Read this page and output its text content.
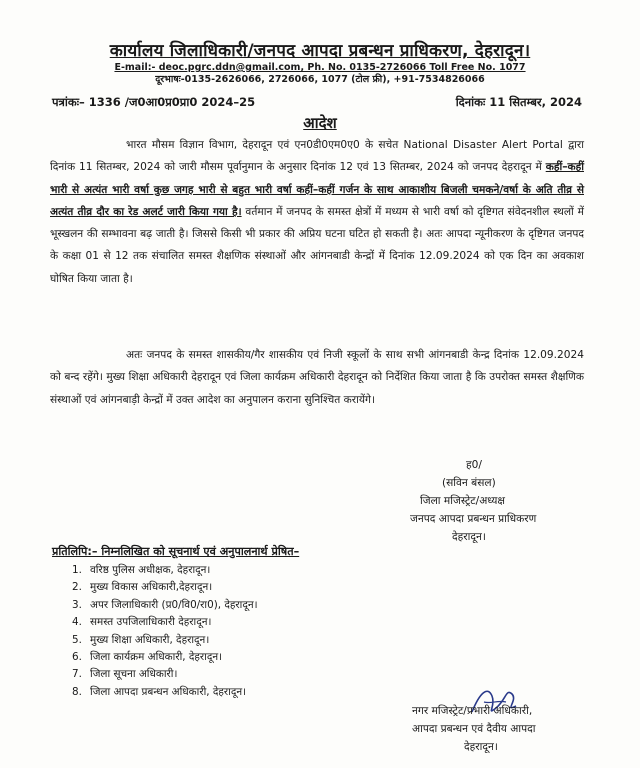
कार्यालय जिलाधिकारी/जनपद आपदा प्रबन्धन प्राधिकरण, देहरादून।
E-mail:- deoc.pgrc.ddn@gmail.com, Ph. No. 0135-2726066 Toll Free No. 1077
दूरभाषः-0135-2626066, 2726066, 1077 (टोल फ्री), +91-7534826066
पत्रांकः– 1336 /ज0आ0प्र0प्रा0 2024–25	दिनांकः 11 सितम्बर, 2024
आदेश
भारत मौसम विज्ञान विभाग, देहरादून एवं एन0डी0एम0ए0 के सचेत National Disaster Alert Portal द्वारा दिनांक 11 सितम्बर, 2024 को जारी मौसम पूर्वानुमान के अनुसार दिनांक 12 एवं 13 सितम्बर, 2024 को जनपद देहरादून में कहीं–कहीं भारी से अत्यंत भारी वर्षा कुछ जगह भारी से बहुत भारी वर्षा कहीं–कहीं गर्जन के साथ आकाशीय बिजली चमकने/वर्षा के अति तीव्र से अत्यंत तीव्र दौर का रेड अलर्ट जारी किया गया है। वर्तमान में जनपद के समस्त क्षेत्रों में मध्यम से भारी वर्षा को दृष्टिगत संवेदनशील स्थलों में भूस्खलन की सम्भावना बढ़ जाती है। जिससे किसी भी प्रकार की अप्रिय घटना घटित हो सकती है। अतः आपदा न्यूनीकरण के दृष्टिगत जनपद के कक्षा 01 से 12 तक संचालित समस्त शैक्षणिक संस्थाओं और आंगनबाडी केन्द्रों में दिनांक 12.09.2024 को एक दिन का अवकाश घोषित किया जाता है।
अतः जनपद के समस्त शासकीय/गैर शासकीय एवं निजी स्कूलों के साथ सभी आंगनबाडी केन्द्र दिनांक 12.09.2024 को बन्द रहेंगे। मुख्य शिक्षा अधिकारी देहरादून एवं जिला कार्यक्रम अधिकारी देहरादून को निर्देशित किया जाता है कि उपरोक्त समस्त शैक्षणिक संस्थाओं एवं आंगनबाड़ी केन्द्रों में उक्त आदेश का अनुपालन कराना सुनिश्चित करायेंगे।
ह0/
(सविन बंसल)
जिला मजिस्ट्रेट/अध्यक्ष
जनपद आपदा प्रबन्धन प्राधिकरण
देहरादून।
प्रतिलिपि:– निम्नलिखित को सूचनार्थ एवं अनुपालनार्थ प्रेषित–
1. वरिष्ठ पुलिस अधीक्षक, देहरादून।
2. मुख्य विकास अधिकारी,देहरादून।
3. अपर जिलाधिकारी (प्र0/वि0/रा0), देहरादून।
4. समस्त उपजिलाधिकारी देहरादून।
5. मुख्य शिक्षा अधिकारी, देहरादून।
6. जिला कार्यक्रम अधिकारी, देहरादून।
7. जिला सूचना अधिकारी।
8. जिला आपदा प्रबन्धन अधिकारी, देहरादून।
नगर मजिस्ट्रेट/प्रभारी अधिकारी,
आपदा प्रबन्धन एवं दैवीय आपदा
देहरादून।
